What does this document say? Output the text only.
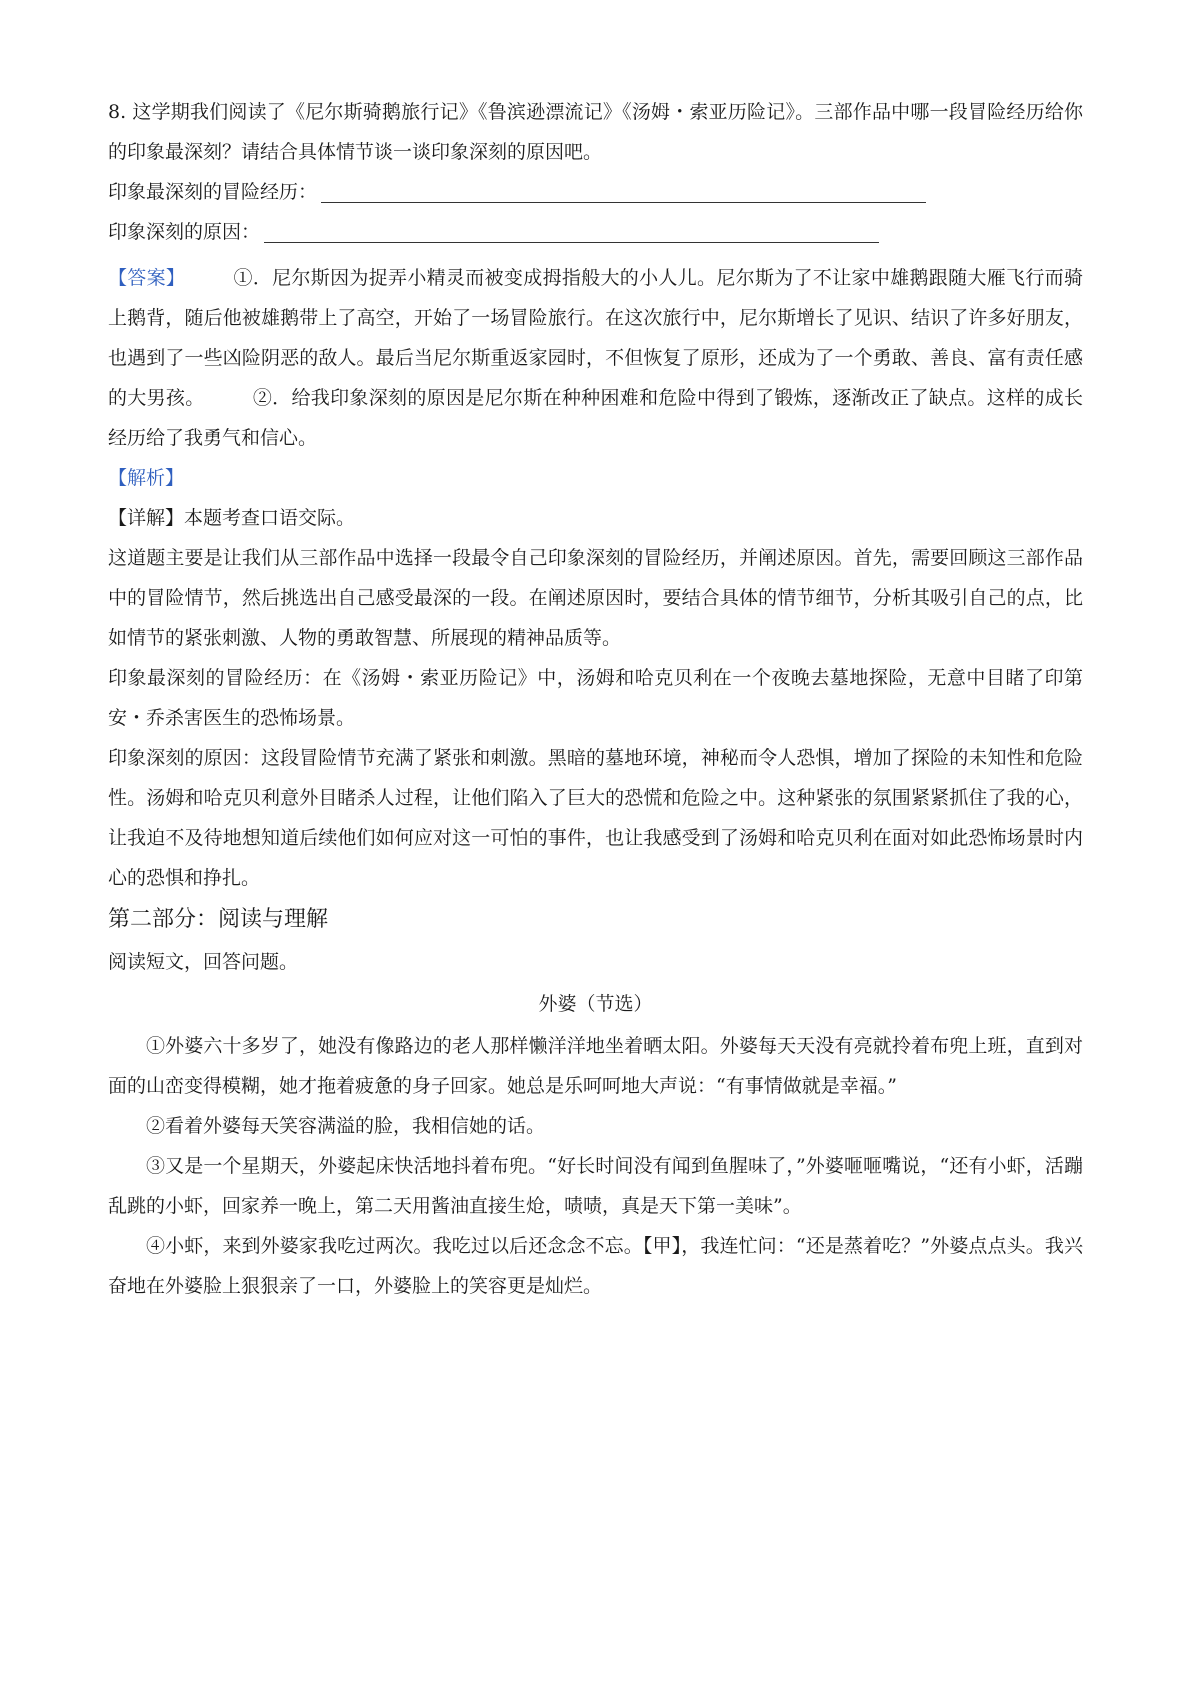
8. 这学期我们阅读了《尼尔斯骑鹅旅行记》《鲁滨逊漂流记》《汤姆・索亚历险记》。三部作品中哪一段冒险经历给你的印象最深刻？请结合具体情节谈一谈印象深刻的原因吧。

印象最深刻的冒险经历：
印象深刻的原因：

【答案】	①．尼尔斯因为捉弄小精灵而被变成拇指般大的小人儿。尼尔斯为了不让家中雄鹅跟随大雁飞行而骑上鹅背，随后他被雄鹅带上了高空，开始了一场冒险旅行。在这次旅行中，尼尔斯增长了见识、结识了许多好朋友，也遇到了一些凶险阴恶的敌人。最后当尼尔斯重返家园时，不但恢复了原形，还成为了一个勇敢、善良、富有责任感的大男孩。	②．给我印象深刻的原因是尼尔斯在种种困难和危险中得到了锻炼，逐渐改正了缺点。这样的成长经历给了我勇气和信心。

【解析】

【详解】本题考查口语交际。

这道题主要是让我们从三部作品中选择一段最令自己印象深刻的冒险经历，并阐述原因。首先，需要回顾这三部作品中的冒险情节，然后挑选出自己感受最深的一段。在阐述原因时，要结合具体的情节细节，分析其吸引自己的点，比如情节的紧张刺激、人物的勇敢智慧、所展现的精神品质等。

印象最深刻的冒险经历：在《汤姆・索亚历险记》中，汤姆和哈克贝利在一个夜晚去墓地探险，无意中目睹了印第安・乔杀害医生的恐怖场景。

印象深刻的原因：这段冒险情节充满了紧张和刺激。黑暗的墓地环境，神秘而令人恐惧，增加了探险的未知性和危险性。汤姆和哈克贝利意外目睹杀人过程，让他们陷入了巨大的恐慌和危险之中。这种紧张的氛围紧紧抓住了我的心，让我迫不及待地想知道后续他们如何应对这一可怕的事件，也让我感受到了汤姆和哈克贝利在面对如此恐怖场景时内心的恐惧和挣扎。

第二部分：阅读与理解

阅读短文，回答问题。

外婆（节选）

①外婆六十多岁了，她没有像路边的老人那样懒洋洋地坐着晒太阳。外婆每天天没有亮就拎着布兜上班，直到对面的山峦变得模糊，她才拖着疲惫的身子回家。她总是乐呵呵地大声说：“有事情做就是幸福。”

②看着外婆每天笑容满溢的脸，我相信她的话。

③又是一个星期天，外婆起床快活地抖着布兜。“好长时间没有闻到鱼腥味了，”外婆咂咂嘴说，“还有小虾，活蹦乱跳的小虾，回家养一晚上，第二天用酱油直接生炝，啧啧，真是天下第一美味”。

④小虾，来到外婆家我吃过两次。我吃过以后还念念不忘。【甲】，我连忙问：“还是蒸着吃？”外婆点点头。我兴奋地在外婆脸上狠狠亲了一口，外婆脸上的笑容更是灿烂。
